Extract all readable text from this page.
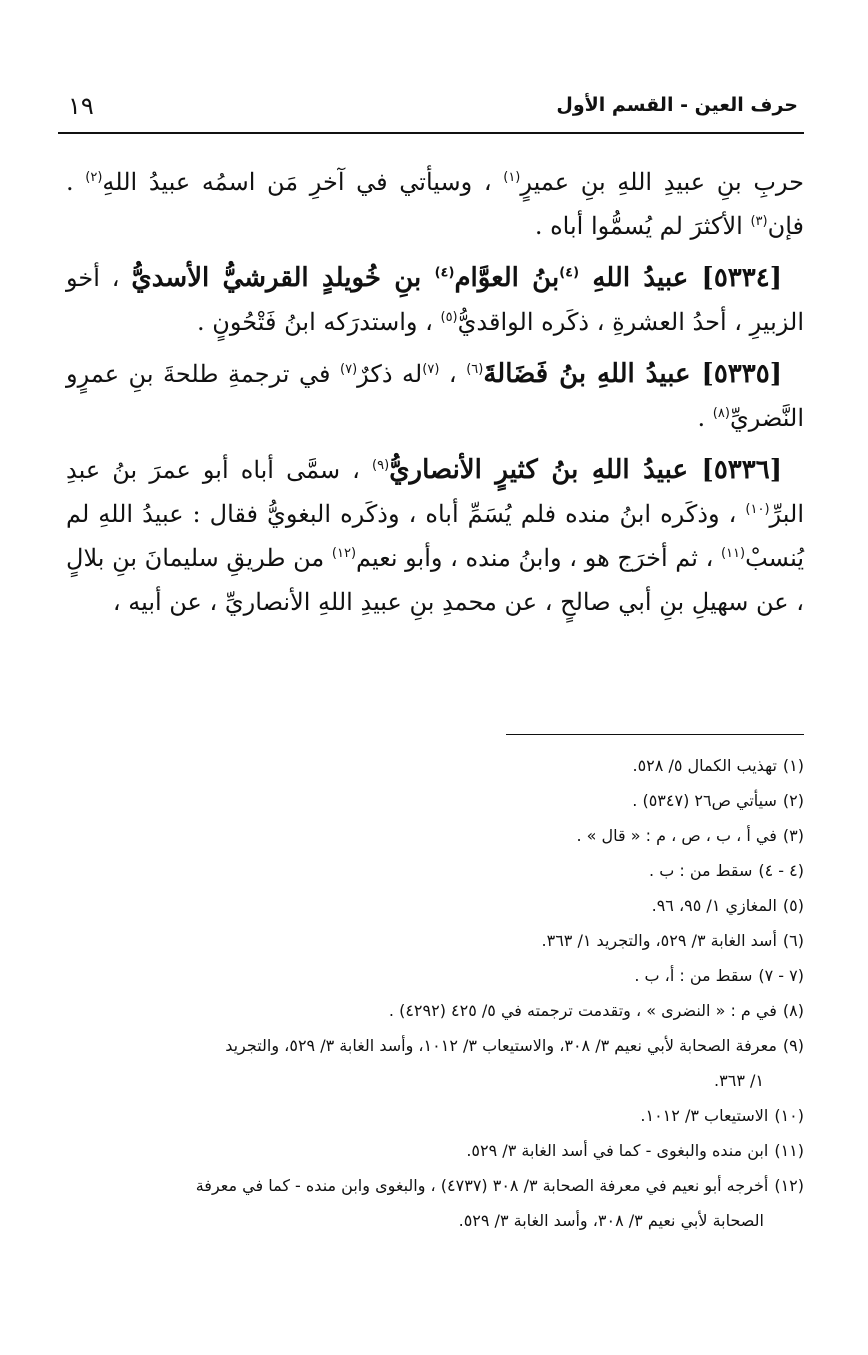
١٩	حرف العين - القسم الأول

حربِ بنِ عبيدِ اللهِ بنِ عميرٍ$^{(١)}$ ، وسيأتي في آخرِ مَن اسمُه عبيدُ اللهِ$^{(٢)}$ . فإن$^{(٣)}$ الأكثرَ لم يُسمُّوا أباه .

[٥٣٣٤] عبيدُ اللهِ $^{(٤)}$بنُ العوَّام$^{(٤)}$ بنِ خُويلدٍ القرشيُّ الأسديُّ ، أخو الزبيرِ ، أحدُ العشرةِ ، ذكَره الواقديُّ$^{(٥)}$ ، واستدرَكه ابنُ فَتْحُونٍ .

[٥٣٣٥] عبيدُ اللهِ بنُ فَضَالةَ$^{(٦)}$ ، $^{(٧)}$له ذكرٌ$^{(٧)}$ في ترجمةِ طلحةَ بنِ عمرٍو النَّضريِّ$^{(٨)}$ .

[٥٣٣٦] عبيدُ اللهِ بنُ كثيرٍ الأنصاريُّ$^{(٩)}$ ، سمَّى أباه أبو عمرَ بنُ عبدِ البرِّ$^{(١٠)}$ ، وذكَره ابنُ منده فلم يُسَمِّ أباه ، وذكَره البغويُّ فقال : عبيدُ اللهِ لم يُنسبْ$^{(١١)}$ ، ثم أخرَج هو ، وابنُ منده ، وأبو نعيم$^{(١٢)}$ من طريقِ سليمانَ بنِ بلالٍ ، عن سهيلِ بنِ أبي صالحٍ ، عن محمدِ بنِ عبيدِ اللهِ الأنصاريِّ ، عن أبيه ،

(١)تهذيب الكمال ٥/ ٥٢٨.

(٢)سيأتي ص٢٦ (٥٣٤٧) .

(٣)في أ ، ب ، ص ، م : « قال » .

(٤ - ٤)سقط من : ب .

(٥)المغازي ١/ ٩٥، ٩٦.

(٦)أسد الغابة ٣/ ٥٢٩، والتجريد ١/ ٣٦٣.

(٧ - ٧)سقط من : أ، ب .

(٨)في م : « النضرى » ، وتقدمت ترجمته في ٥/ ٤٢٥ (٤٢٩٢) .

(٩)معرفة الصحابة لأبي نعيم ٣/ ٣٠٨، والاستيعاب ٣/ ١٠١٢، وأسد الغابة ٣/ ٥٢٩، والتجريد
١/ ٣٦٣.

(١٠)الاستيعاب ٣/ ١٠١٢.

(١١)ابن منده والبغوى - كما في أسد الغابة ٣/ ٥٢٩.

(١٢)أخرجه أبو نعيم في معرفة الصحابة ٣/ ٣٠٨ (٤٧٣٧) ، والبغوى وابن منده - كما في معرفة
الصحابة لأبي نعيم ٣/ ٣٠٨، وأسد الغابة ٣/ ٥٢٩.
